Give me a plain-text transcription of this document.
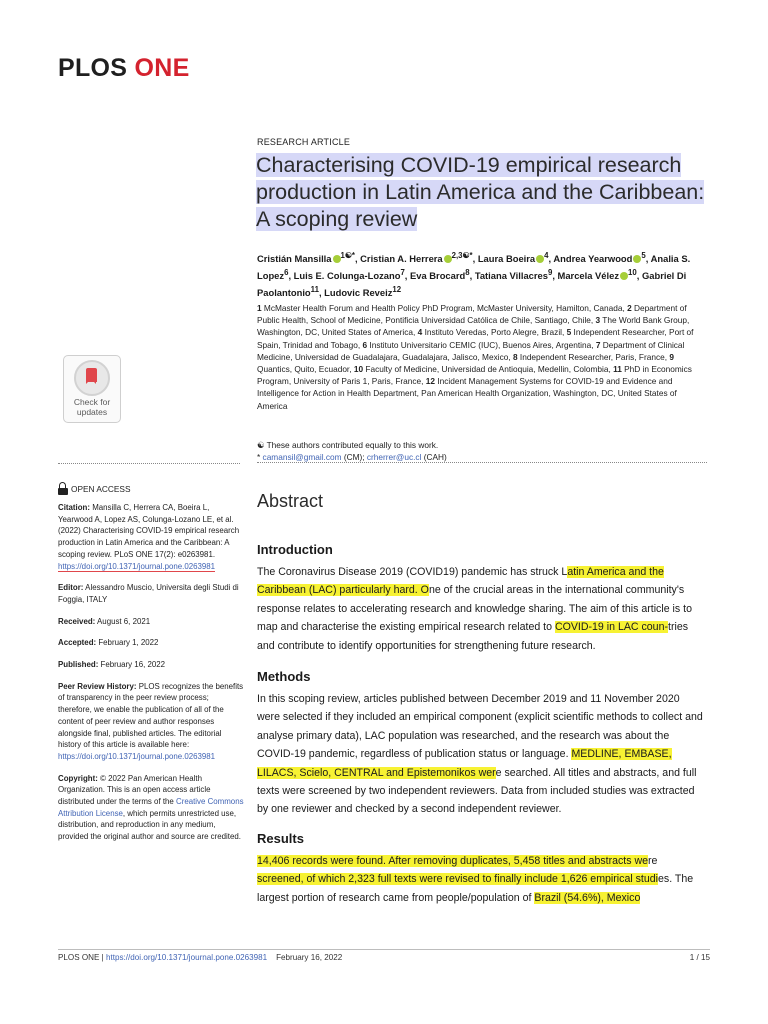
PLOS ONE
RESEARCH ARTICLE
Characterising COVID-19 empirical research production in Latin America and the Caribbean: A scoping review
Cristián Mansilla $^{1☯*}$, Cristian A. Herrera $^{2,3☯*}$, Laura Boeira $^4$, Andrea Yearwood $^5$, Analia S. Lopez$^6$, Luis E. Colunga-Lozano$^7$, Eva Brocard$^8$, Tatiana Villacres$^9$, Marcela Vélez $^{10}$, Gabriel Di Paolantonio$^{11}$, Ludovic Reveiz$^{12}$
1 McMaster Health Forum and Health Policy PhD Program, McMaster University, Hamilton, Canada, 2 Department of Public Health, School of Medicine, Pontificia Universidad Católica de Chile, Santiago, Chile, 3 The World Bank Group, Washington, DC, United States of America, 4 Instituto Veredas, Porto Alegre, Brazil, 5 Independent Researcher, Port of Spain, Trinidad and Tobago, 6 Instituto Universitario CEMIC (IUC), Buenos Aires, Argentina, 7 Department of Clinical Medicine, Universidad de Guadalajara, Guadalajara, Jalisco, Mexico, 8 Independent Researcher, Paris, France, 9 Quantics, Quito, Ecuador, 10 Faculty of Medicine, Universidad de Antioquia, Medellin, Colombia, 11 PhD in Economics Program, University of Paris 1, Paris, France, 12 Incident Management Systems for COVID-19 and Evidence and Intelligence for Action in Health Department, Pan American Health Organization, Washington, DC, United States of America
☯ These authors contributed equally to this work.
* camansil@gmail.com (CM); crherrer@uc.cl (CAH)
Check for
updates
OPEN ACCESS

Citation: Mansilla C, Herrera CA, Boeira L, Yearwood A, Lopez AS, Colunga-Lozano LE, et al. (2022) Characterising COVID-19 empirical research production in Latin America and the Caribbean: A scoping review. PLoS ONE 17(2): e0263981. https://doi.org/10.1371/journal.pone.0263981

Editor: Alessandro Muscio, Universita degli Studi di Foggia, ITALY

Received: August 6, 2021

Accepted: February 1, 2022

Published: February 16, 2022

Peer Review History: PLOS recognizes the benefits of transparency in the peer review process; therefore, we enable the publication of all of the content of peer review and author responses alongside final, published articles. The editorial history of this article is available here: https://doi.org/10.1371/journal.pone.0263981

Copyright: © 2022 Pan American Health Organization. This is an open access article distributed under the terms of the Creative Commons Attribution License, which permits unrestricted use, distribution, and reproduction in any medium, provided the original author and source are credited.

Abstract
Introduction
The Coronavirus Disease 2019 (COVID19) pandemic has struck Latin America and the Caribbean (LAC) particularly hard. One of the crucial areas in the international community's response relates to accelerating research and knowledge sharing. The aim of this article is to map and characterise the existing empirical research related to COVID-19 in LAC coun-tries and contribute to identify opportunities for strengthening future research.
Methods
In this scoping review, articles published between December 2019 and 11 November 2020 were selected if they included an empirical component (explicit scientific methods to collect and analyse primary data), LAC population was researched, and the research was about the COVID-19 pandemic, regardless of publication status or language. MEDLINE, EMBASE, LILACS, Scielo, CENTRAL and Epistemonikos were searched. All titles and abstracts, and full texts were screened by two independent reviewers. Data from included studies was extracted by one reviewer and checked by a second independent reviewer.
Results
14,406 records were found. After removing duplicates, 5,458 titles and abstracts were screened, of which 2,323 full texts were revised to finally include 1,626 empirical studies. The largest portion of research came from people/population of Brazil (54.6%), Mexico
PLOS ONE | https://doi.org/10.1371/journal.pone.0263981    February 16, 2022	1 / 15
